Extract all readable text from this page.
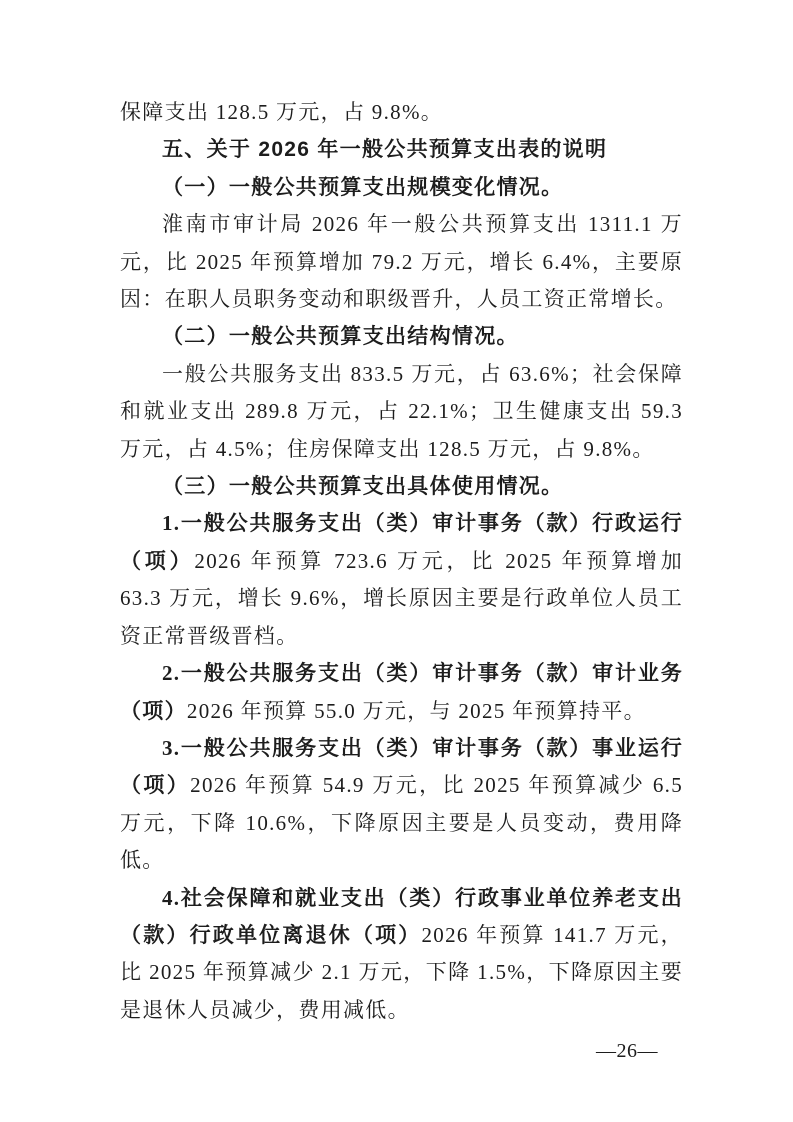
保障支出 128.5 万元，占 9.8%。

五、关于 2026 年一般公共预算支出表的说明

（一）一般公共预算支出规模变化情况。

淮南市审计局 2026 年一般公共预算支出 1311.1 万元，比 2025 年预算增加 79.2 万元，增长 6.4%，主要原因：在职人员职务变动和职级晋升，人员工资正常增长。

（二）一般公共预算支出结构情况。

一般公共服务支出 833.5 万元，占 63.6%；社会保障和就业支出 289.8 万元，占 22.1%；卫生健康支出 59.3 万元，占 4.5%；住房保障支出 128.5 万元，占 9.8%。

（三）一般公共预算支出具体使用情况。

1.一般公共服务支出（类）审计事务（款）行政运行（项）2026 年预算 723.6 万元，比 2025 年预算增加 63.3 万元，增长 9.6%，增长原因主要是行政单位人员工资正常晋级晋档。

2.一般公共服务支出（类）审计事务（款）审计业务（项）2026 年预算 55.0 万元，与 2025 年预算持平。

3.一般公共服务支出（类）审计事务（款）事业运行（项）2026 年预算 54.9 万元，比 2025 年预算减少 6.5 万元，下降 10.6%，下降原因主要是人员变动，费用降低。

4.社会保障和就业支出（类）行政事业单位养老支出（款）行政单位离退休（项）2026 年预算 141.7 万元，比 2025 年预算减少 2.1 万元，下降 1.5%，下降原因主要是退休人员减少，费用减低。

—26—
